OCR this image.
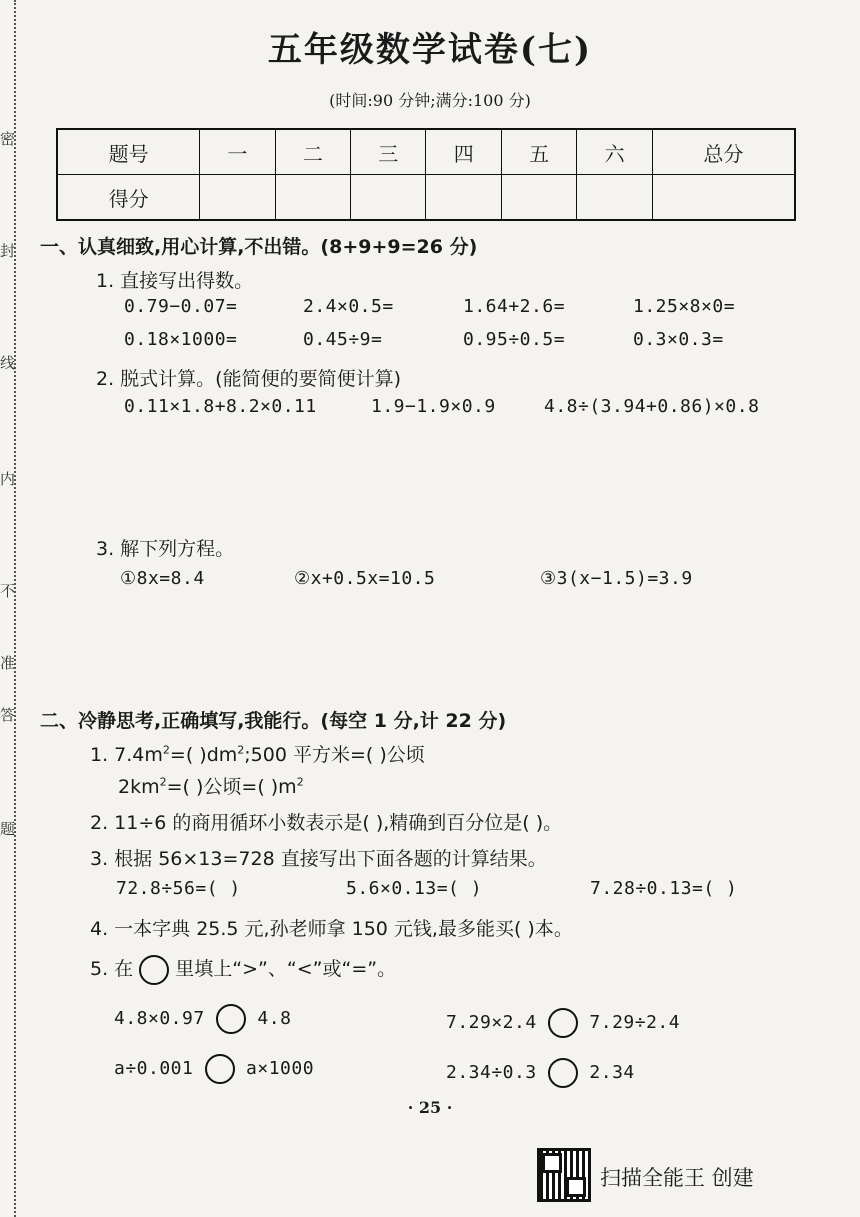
密
封
线
内
不
准
答
题
五年级数学试卷(七)
(时间:90 分钟;满分:100 分)
题号	一	二	三	四	五	六	总分
得分							
一、认真细致,用心计算,不出错。(8+9+9=26 分)
1. 直接写出得数。
0.79−0.07=	2.4×0.5=	1.64+2.6=	1.25×8×0=
0.18×1000=	0.45÷9=	0.95÷0.5=	0.3×0.3=
2. 脱式计算。(能简便的要简便计算)
0.11×1.8+8.2×0.11	1.9−1.9×0.9	4.8÷(3.94+0.86)×0.8
3. 解下列方程。
①8x=8.4	②x+0.5x=10.5	③3(x−1.5)=3.9
二、冷静思考,正确填写,我能行。(每空 1 分,计 22 分)
1. $7.4m^2=$( )$dm^2;500$ 平方米=( )公顷
$2km^2=$( )公顷=( )$m^2$
2. 11÷6 的商用循环小数表示是( ),精确到百分位是( )。
3. 根据 56×13=728 直接写出下面各题的计算结果。
72.8÷56=( )	5.6×0.13=( )	7.28÷0.13=( )
4. 一本字典 25.5 元,孙老师拿 150 元钱,最多能买( )本。
5. 在 里填上“>”、“<”或“=”。
4.8×0.97	4.8	7.29×2.4	7.29÷2.4
a÷0.001	a×1000	2.34÷0.3	2.34
· 25 ·
扫描全能王 创建
